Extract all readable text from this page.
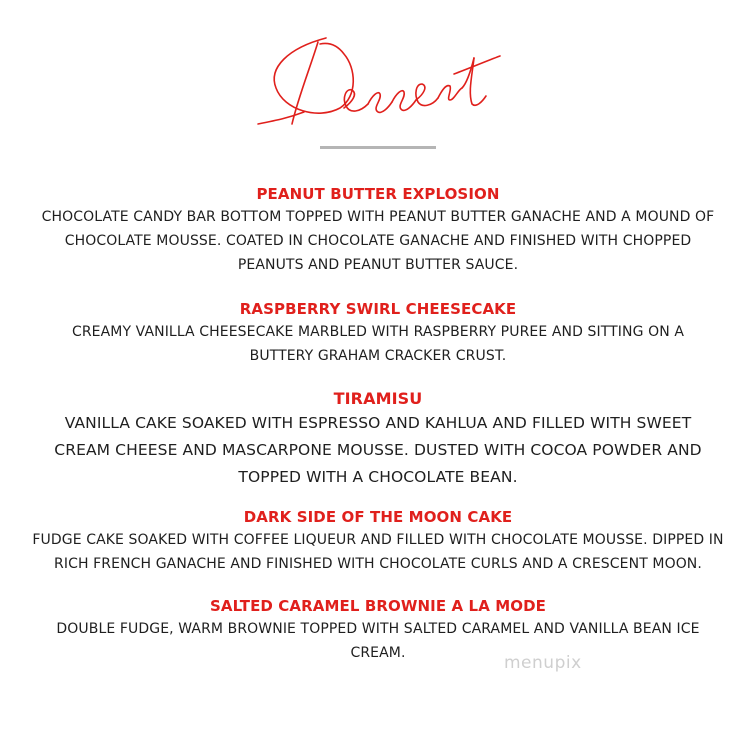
PEANUT BUTTER EXPLOSION
CHOCOLATE CANDY BAR BOTTOM TOPPED WITH PEANUT BUTTER GANACHE AND A MOUND OF CHOCOLATE MOUSSE. COATED IN CHOCOLATE GANACHE AND FINISHED WITH CHOPPED PEANUTS AND PEANUT BUTTER SAUCE.
RASPBERRY SWIRL CHEESECAKE
CREAMY VANILLA CHEESECAKE MARBLED WITH RASPBERRY PUREE AND SITTING ON A BUTTERY GRAHAM CRACKER CRUST.
TIRAMISU
VANILLA CAKE SOAKED WITH ESPRESSO AND KAHLUA AND FILLED WITH SWEET CREAM CHEESE AND MASCARPONE MOUSSE. DUSTED WITH COCOA POWDER AND TOPPED WITH A CHOCOLATE BEAN.
DARK SIDE OF THE MOON CAKE
FUDGE CAKE SOAKED WITH COFFEE LIQUEUR AND FILLED WITH CHOCOLATE MOUSSE. DIPPED IN RICH FRENCH GANACHE AND FINISHED WITH CHOCOLATE CURLS AND A CRESCENT MOON.
SALTED CARAMEL BROWNIE A LA MODE
DOUBLE FUDGE, WARM BROWNIE TOPPED WITH SALTED CARAMEL AND VANILLA BEAN ICE CREAM.	menupix
